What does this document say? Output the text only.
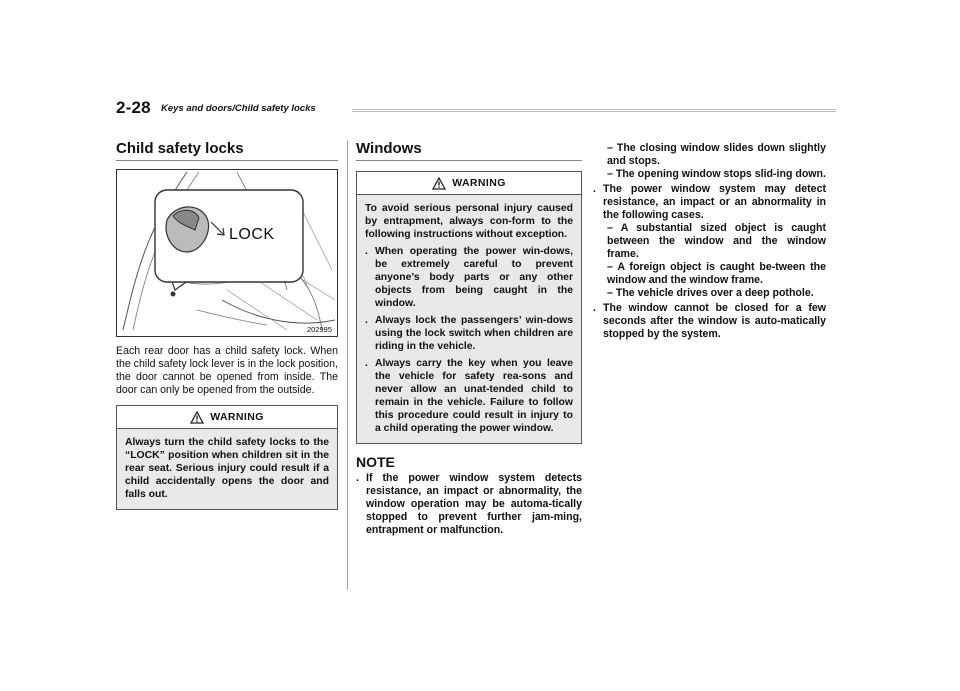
2-28 Keys and doors/Child safety locks
Child safety locks
LOCK
202995

Each rear door has a child safety lock. When the child safety lock lever is in the lock position, the door cannot be opened from inside. The door can only be opened from the outside.

WARNING
Always turn the child safety locks to the “LOCK” position when children sit in the rear seat. Serious injury could result if a child accidentally opens the door and falls out.
Windows
WARNING
To avoid serious personal injury caused by entrapment, always con-form to the following instructions without exception.
. When operating the power win-dows, be extremely careful to prevent anyone’s body parts or any other objects from being caught in the window.
. Always lock the passengers’ win-dows using the lock switch when children are riding in the vehicle.
. Always carry the key when you leave the vehicle for safety rea-sons and never allow an unat-tended child to remain in the vehicle. Failure to follow this procedure could result in injury to a child operating the power window.
NOTE
. If the power window system detects resistance, an impact or abnormality, the window operation may be automa-tically stopped to prevent further jam-ming, entrapment or malfunction.
– The closing window slides down slightly and stops.
– The opening window stops slid-ing down.
. The power window system may detect resistance, an impact or an abnormality in the following cases.
– A substantial sized object is caught between the window and the window frame.
– A foreign object is caught be-tween the window and the window frame.
– The vehicle drives over a deep pothole.
. The window cannot be closed for a few seconds after the window is auto-matically stopped by the system.
